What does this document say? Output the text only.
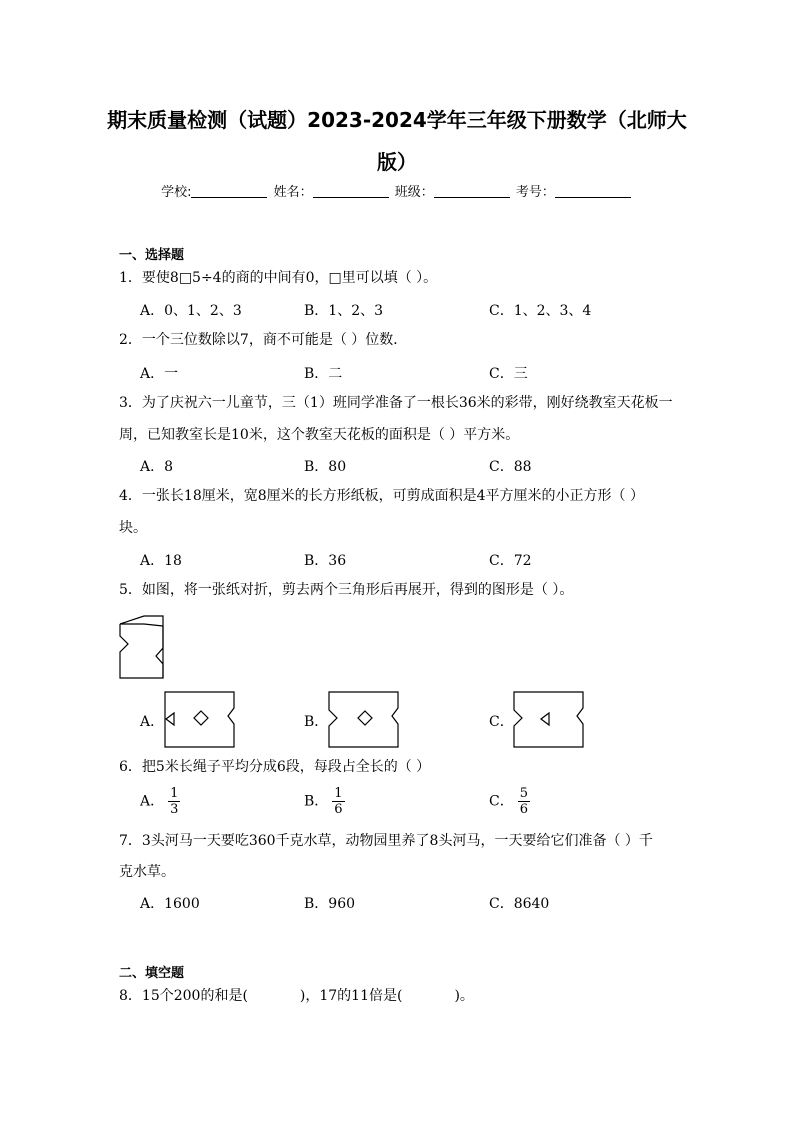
期末质量检测（试题）2023-2024学年三年级下册数学（北师大
版）
学校:	姓名：	班级：	考号：
一、选择题
1．要使8□5÷4的商的中间有0，□里可以填（ ）。
A．0、1、2、3	B．1、2、3	C．1、2、3、4
2．一个三位数除以7，商不可能是（ ）位数．
A．一	B．二	C．三
3．为了庆祝六一儿童节，三（1）班同学准备了一根长36米的彩带，刚好绕教室天花板一
周，已知教室长是10米，这个教室天花板的面积是（ ）平方米。
A．8	B．80	C．88
4．一张长18厘米，宽8厘米的长方形纸板，可剪成面积是4平方厘米的小正方形（ ）
块。
A．18	B．36	C．72
5．如图，将一张纸对折，剪去两个三角形后再展开，得到的图形是（ ）。
A．	B．	C．
6．把5米长绳子平均分成6段，每段占全长的（ ）
A． $\frac{1}{3}$	B． $\frac{1}{6}$	C． $\frac{5}{6}$
7．3头河马一天要吃360千克水草，动物园里养了8头河马，一天要给它们准备（ ）千
克水草。
A．1600	B．960	C．8640
二、填空题
8．15个200的和是(	)，17的11倍是(	)。
